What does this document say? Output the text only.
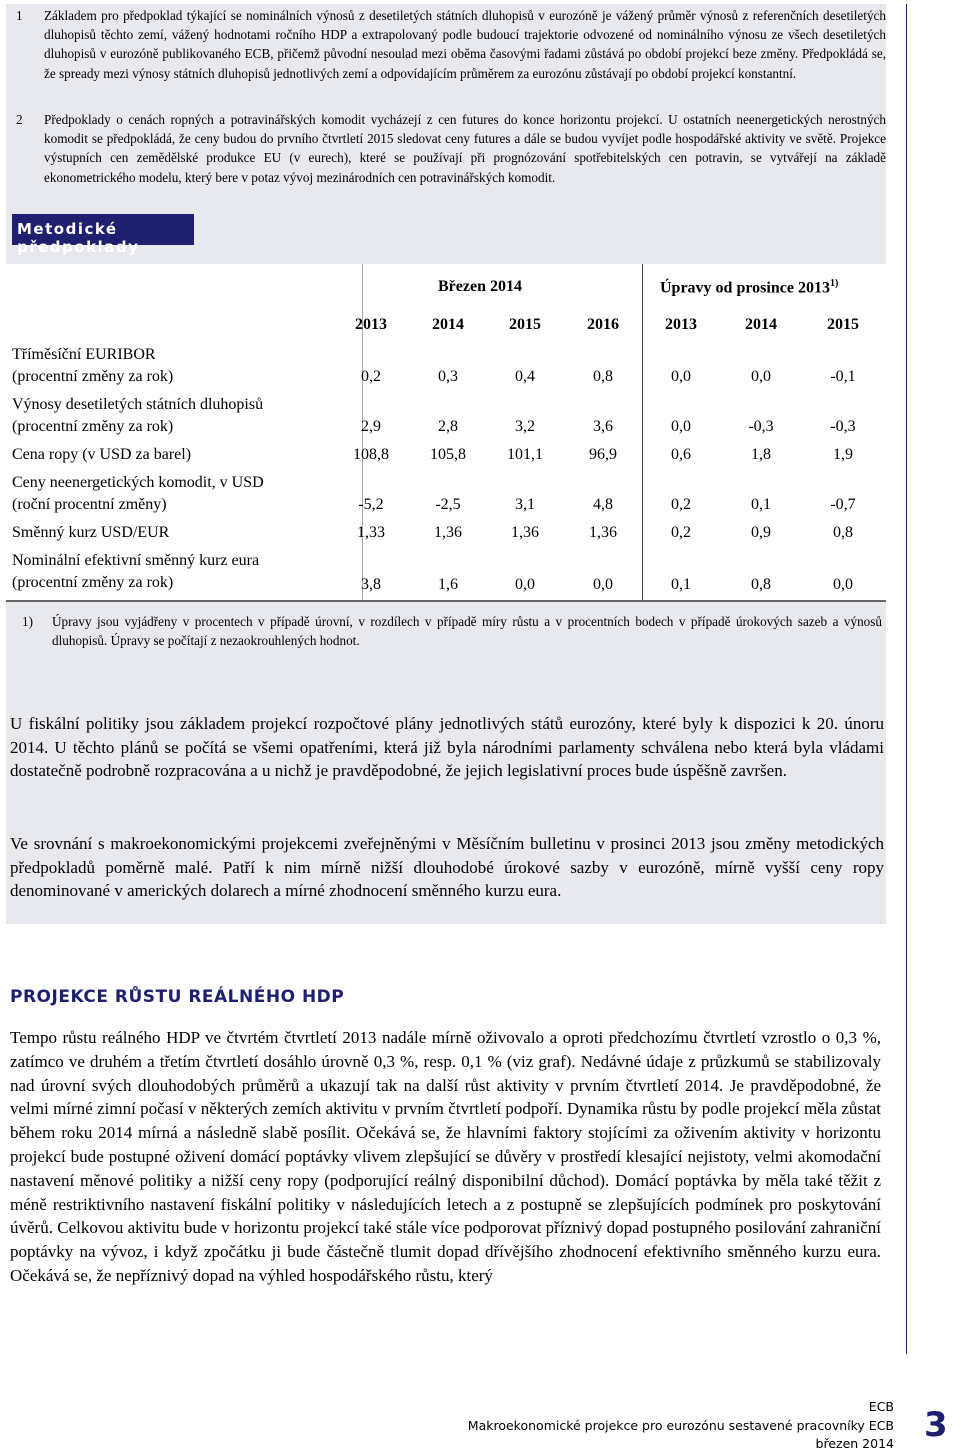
1 Základem pro předpoklad týkající se nominálních výnosů z desetiletých státních dluhopisů v eurozóně je vážený průměr výnosů z referenčních desetiletých dluhopisů těchto zemí, vážený hodnotami ročního HDP a extrapolovaný podle budoucí trajektorie odvozené od nominálního výnosu ze všech desetiletých dluhopisů v eurozóně publikovaného ECB, přičemž původní nesoulad mezi oběma časovými řadami zůstává po období projekcí beze změny. Předpokládá se, že spready mezi výnosy státních dluhopisů jednotlivých zemí a odpovídajícím průměrem za eurozónu zůstávají po období projekcí konstantní.
2 Předpoklady o cenách ropných a potravinářských komodit vycházejí z cen futures do konce horizontu projekcí. U ostatních neenergetických nerostných komodit se předpokládá, že ceny budou do prvního čtvrtletí 2015 sledovat ceny futures a dále se budou vyvíjet podle hospodářské aktivity ve světě. Projekce výstupních cen zemědělské produkce EU (v eurech), které se používají při prognózování spotřebitelských cen potravin, se vytvářejí na základě ekonometrického modelu, který bere v potaz vývoj mezinárodních cen potravinářských komodit.
Metodické předpoklady
Březen 2014	Úpravy od prosince 2013$^{1)}$
2013	2014	2015	2016	2013	2014	2015
Tříměsíční EURIBOR
(procentní změny za rok)	0,2	0,3	0,4	0,8	0,0	0,0	-0,1
Výnosy desetiletých státních dluhopisů
(procentní změny za rok)	2,9	2,8	3,2	3,6	0,0	-0,3	-0,3
Cena ropy (v USD za barel)	108,8	105,8	101,1	96,9	0,6	1,8	1,9
Ceny neenergetických komodit, v USD
(roční procentní změny)	-5,2	-2,5	3,1	4,8	0,2	0,1	-0,7
Směnný kurz USD/EUR	1,33	1,36	1,36	1,36	0,2	0,9	0,8
Nominální efektivní směnný kurz eura
(procentní změny za rok)	3,8	1,6	0,0	0,0	0,1	0,8	0,0
1) Úpravy jsou vyjádřeny v procentech v případě úrovní, v rozdílech v případě míry růstu a v procentních bodech v případě úrokových sazeb a výnosů dluhopisů. Úpravy se počítají z nezaokrouhlených hodnot.

U fiskální politiky jsou základem projekcí rozpočtové plány jednotlivých států eurozóny, které byly k dispozici k 20. únoru 2014. U těchto plánů se počítá se všemi opatřeními, která již byla národními parlamenty schválena nebo která byla vládami dostatečně podrobně rozpracována a u nichž je pravděpodobné, že jejich legislativní proces bude úspěšně završen.

Ve srovnání s makroekonomickými projekcemi zveřejněnými v Měsíčním bulletinu v prosinci 2013 jsou změny metodických předpokladů poměrně malé. Patří k nim mírně nižší dlouhodobé úrokové sazby v eurozóně, mírně vyšší ceny ropy denominované v amerických dolarech a mírné zhodnocení směnného kurzu eura.

PROJEKCE RŮSTU REÁLNÉHO HDP

Tempo růstu reálného HDP ve čtvrtém čtvrtletí 2013 nadále mírně oživovalo a oproti předchozímu čtvrtletí vzrostlo o 0,3 %, zatímco ve druhém a třetím čtvrtletí dosáhlo úrovně 0,3 %, resp. 0,1 % (viz graf). Nedávné údaje z průzkumů se stabilizovaly nad úrovní svých dlouhodobých průměrů a ukazují tak na další růst aktivity v prvním čtvrtletí 2014. Je pravděpodobné, že velmi mírné zimní počasí v některých zemích aktivitu v prvním čtvrtletí podpoří. Dynamika růstu by podle projekcí měla zůstat během roku 2014 mírná a následně slabě posílit. Očekává se, že hlavními faktory stojícími za oživením aktivity v horizontu projekcí bude postupné oživení domácí poptávky vlivem zlepšující se důvěry v prostředí klesající nejistoty, velmi akomodační nastavení měnové politiky a nižší ceny ropy (podporující reálný disponibilní důchod). Domácí poptávka by měla také těžit z méně restriktivního nastavení fiskální politiky v následujících letech a z postupně se zlepšujících podmínek pro poskytování úvěrů. Celkovou aktivitu bude v horizontu projekcí také stále více podporovat příznivý dopad postupného posilování zahraniční poptávky na vývoz, i když zpočátku ji bude částečně tlumit dopad dřívějšího zhodnocení efektivního směnného kurzu eura. Očekává se, že nepříznivý dopad na výhled hospodářského růstu, který

ECB
Makroekonomické projekce pro eurozónu sestavené pracovníky ECB
březen 2014 3
